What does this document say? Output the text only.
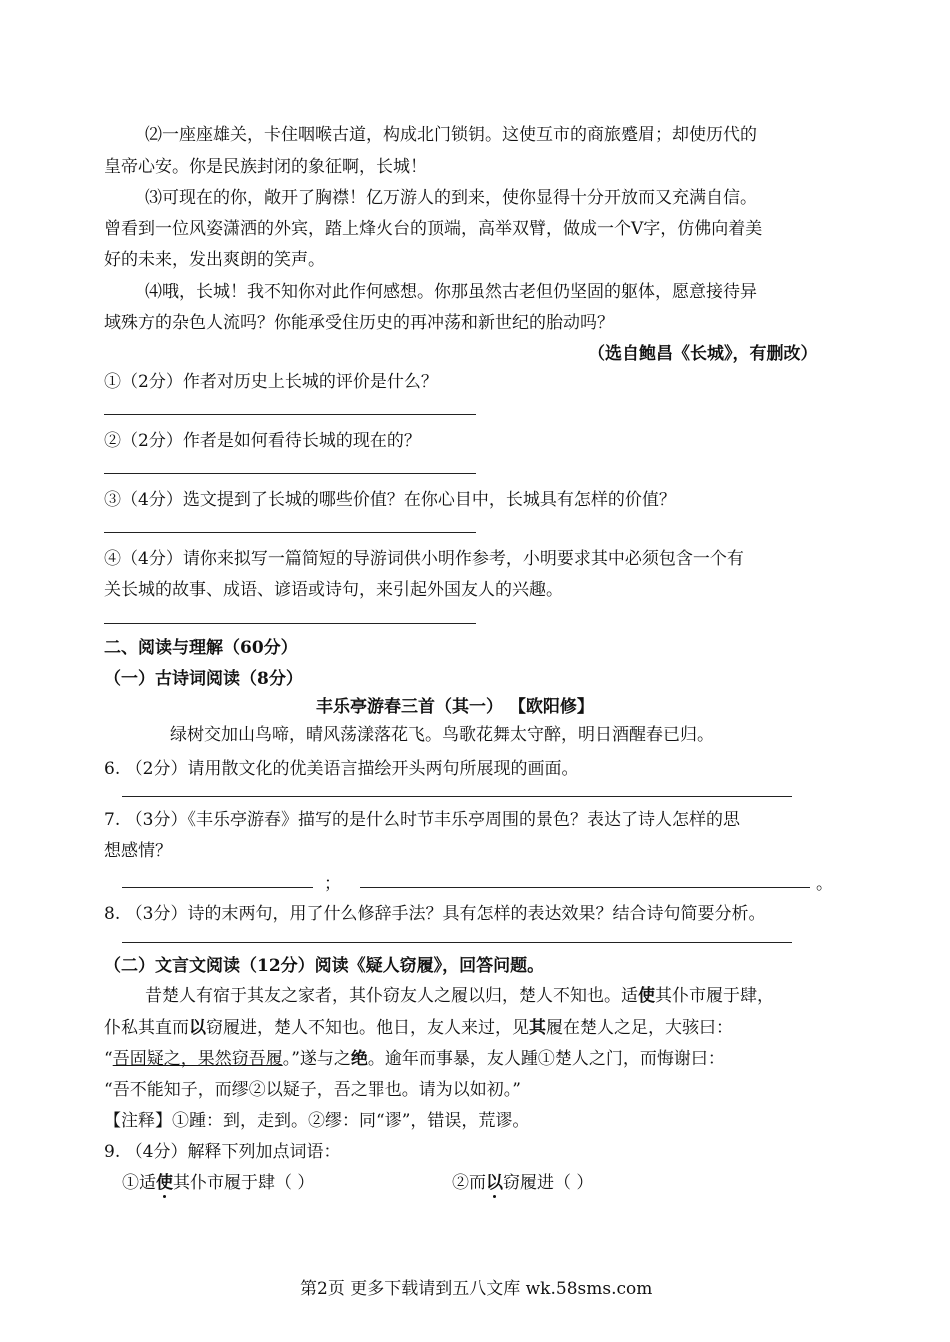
⑵一座座雄关，卡住咽喉古道，构成北门锁钥。这使互市的商旅蹙眉；却使历代的
皇帝心安。你是民族封闭的象征啊，长城！
⑶可现在的你，敞开了胸襟！亿万游人的到来，使你显得十分开放而又充满自信。
曾看到一位风姿潇洒的外宾，踏上烽火台的顶端，高举双臂，做成一个V字，仿佛向着美
好的未来，发出爽朗的笑声。
⑷哦，长城！我不知你对此作何感想。你那虽然古老但仍坚固的躯体，愿意接待异
域殊方的杂色人流吗？你能承受住历史的再冲荡和新世纪的胎动吗？
（选自鲍昌《长城》，有删改）
①（2分）作者对历史上长城的评价是什么？
②（2分）作者是如何看待长城的现在的？
③（4分）选文提到了长城的哪些价值？在你心目中，长城具有怎样的价值？
④（4分）请你来拟写一篇简短的导游词供小明作参考，小明要求其中必须包含一个有
关长城的故事、成语、谚语或诗句，来引起外国友人的兴趣。
二、阅读与理解（60分）
（一）古诗词阅读（8分）
丰乐亭游春三首（其一） 【欧阳修】
绿树交加山鸟啼，晴风荡漾落花飞。鸟歌花舞太守醉，明日酒醒春已归。
6. （2分）请用散文化的优美语言描绘开头两句所展现的画面。
7. （3分）《丰乐亭游春》描写的是什么时节丰乐亭周围的景色？表达了诗人怎样的思
想感情？
；	。
8. （3分）诗的末两句，用了什么修辞手法？具有怎样的表达效果？结合诗句简要分析。
（二）文言文阅读（12分）阅读《疑人窃履》，回答问题。
昔楚人有宿于其友之家者，其仆窃友人之履以归，楚人不知也。适使其仆市履于肆，
仆私其直而以窃履进，楚人不知也。他日，友人来过，见其履在楚人之足，大骇曰：
“吾固疑之，果然窃吾履。”遂与之绝。逾年而事暴，友人踵①楚人之门，而悔谢曰：
“吾不能知子，而缪②以疑子，吾之罪也。请为以如初。”
【注释】①踵：到，走到。②缪：同“谬”，错误，荒谬。
9. （4分）解释下列加点词语：
①适使其仆市履于肆（ ）	②而以窃履进（ ）
第2页 更多下载请到五八文库 wk.58sms.com
